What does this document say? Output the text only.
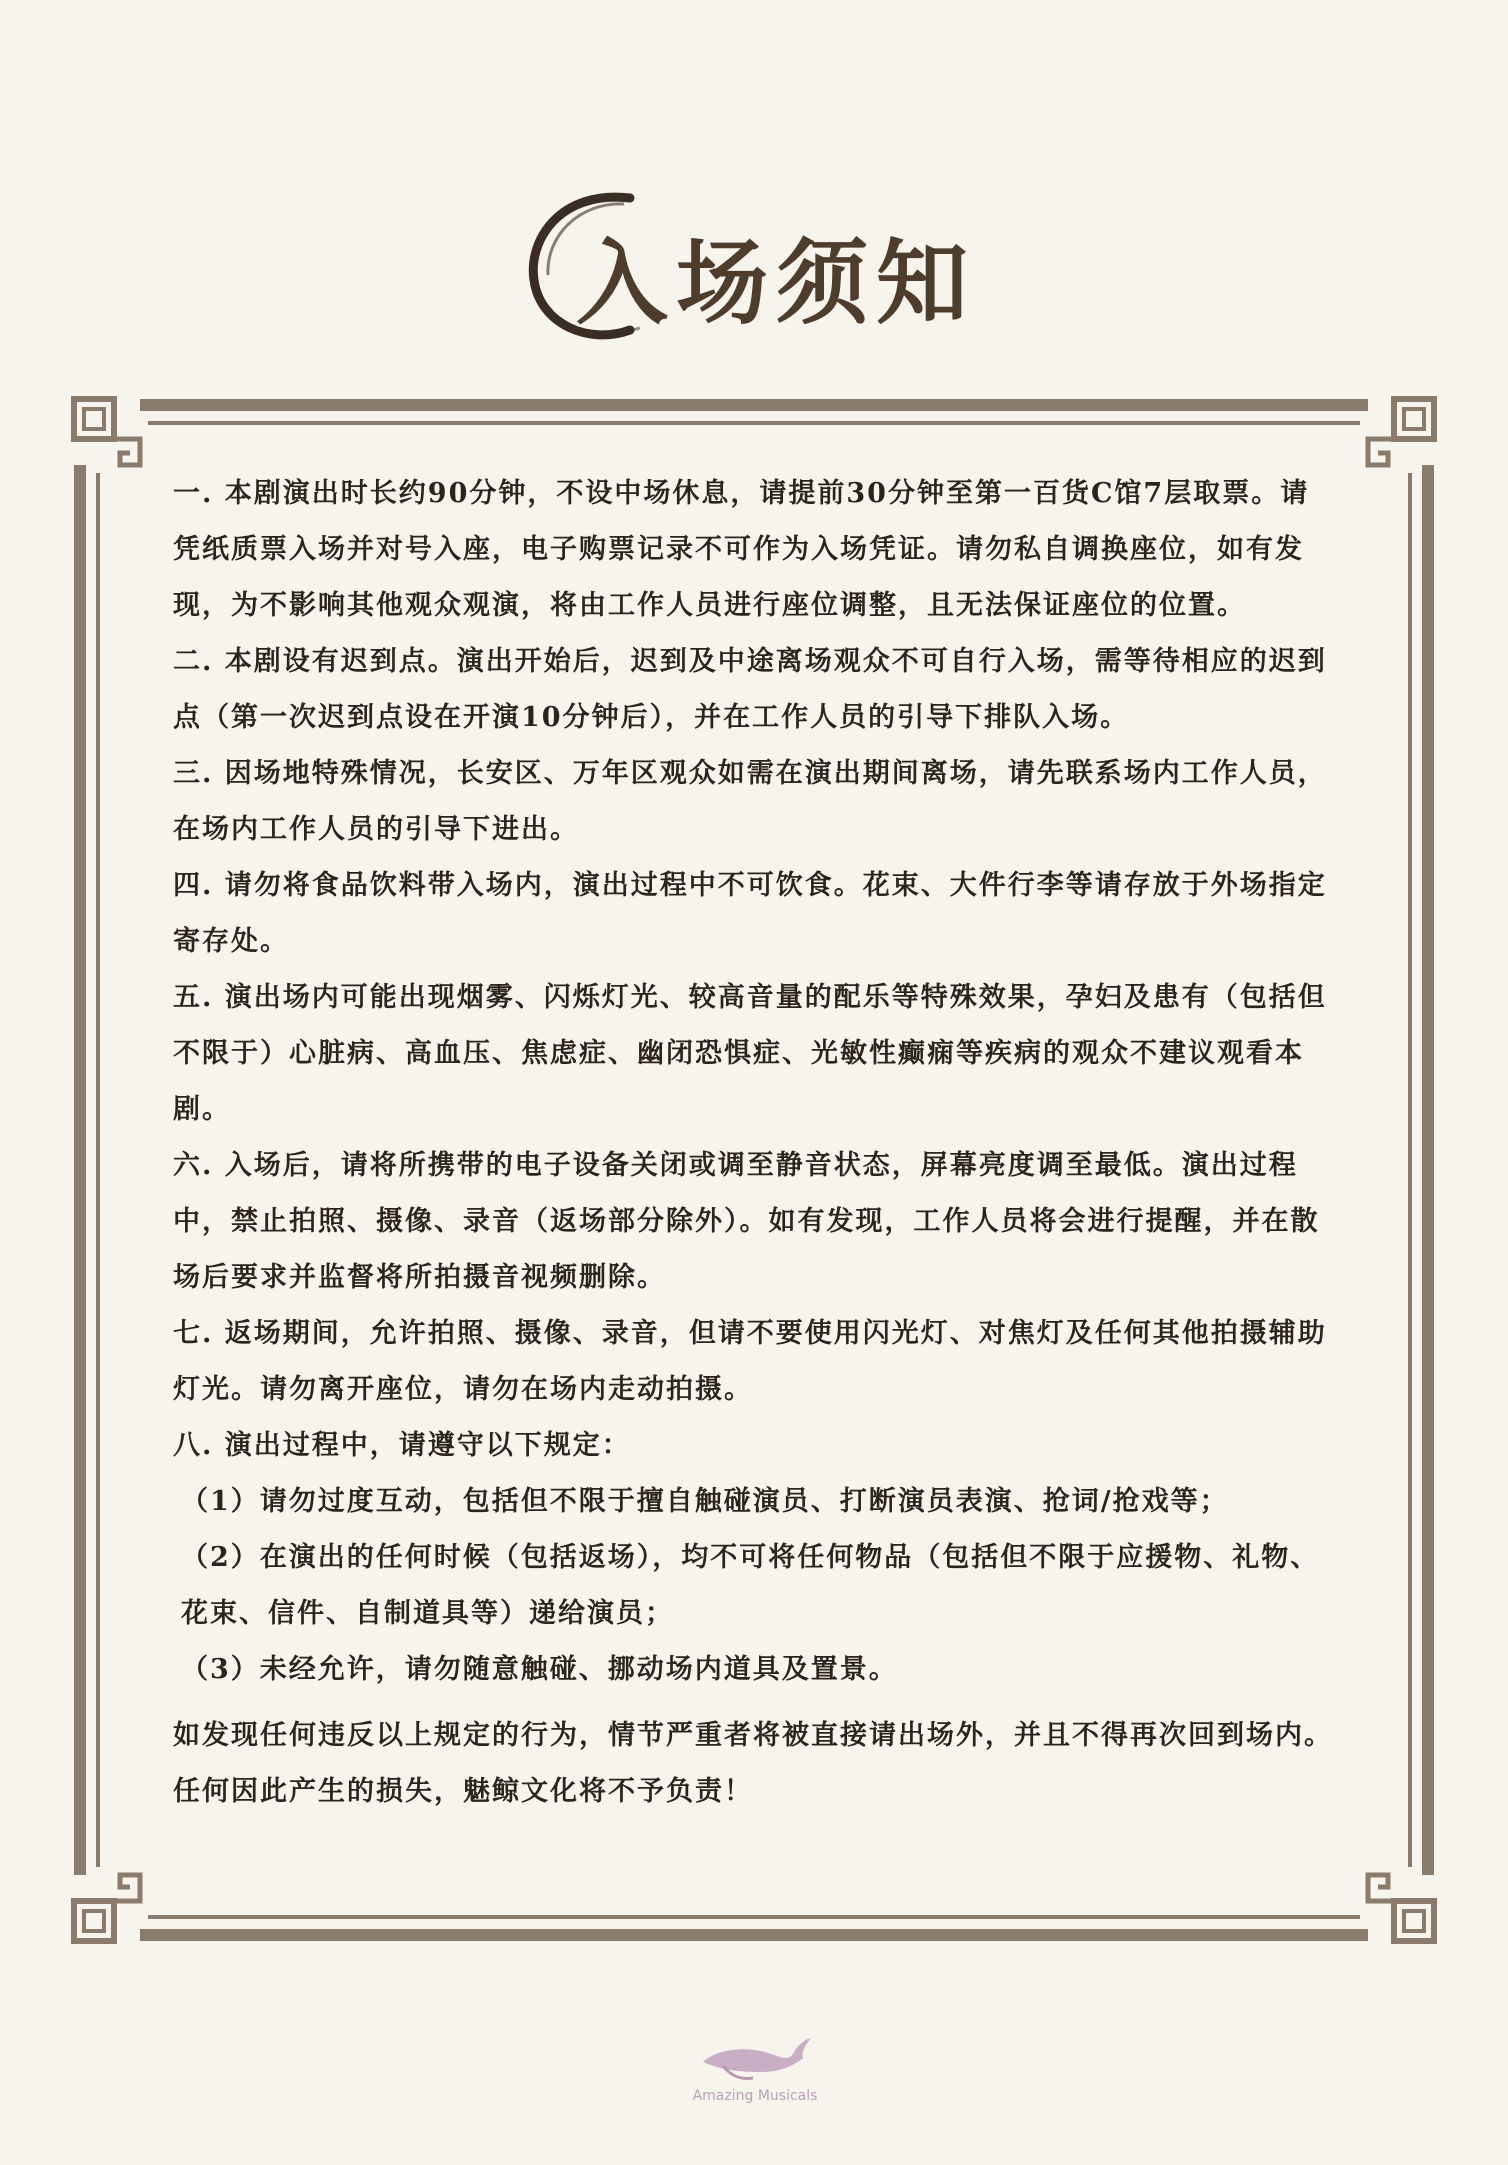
入场须知

一. 本剧演出时长约90分钟，不设中场休息，请提前30分钟至第一百货C馆7层取票。请凭纸质票入场并对号入座，电子购票记录不可作为入场凭证。请勿私自调换座位，如有发现，为不影响其他观众观演，将由工作人员进行座位调整，且无法保证座位的位置。

二. 本剧设有迟到点。演出开始后，迟到及中途离场观众不可自行入场，需等待相应的迟到点（第一次迟到点设在开演10分钟后），并在工作人员的引导下排队入场。

三. 因场地特殊情况，长安区、万年区观众如需在演出期间离场，请先联系场内工作人员，在场内工作人员的引导下进出。

四. 请勿将食品饮料带入场内，演出过程中不可饮食。花束、大件行李等请存放于外场指定寄存处。

五. 演出场内可能出现烟雾、闪烁灯光、较高音量的配乐等特殊效果，孕妇及患有（包括但不限于）心脏病、高血压、焦虑症、幽闭恐惧症、光敏性癫痫等疾病的观众不建议观看本剧。

六. 入场后，请将所携带的电子设备关闭或调至静音状态，屏幕亮度调至最低。演出过程中，禁止拍照、摄像、录音（返场部分除外）。如有发现，工作人员将会进行提醒，并在散场后要求并监督将所拍摄音视频删除。

七. 返场期间，允许拍照、摄像、录音，但请不要使用闪光灯、对焦灯及任何其他拍摄辅助灯光。请勿离开座位，请勿在场内走动拍摄。

八. 演出过程中，请遵守以下规定：

（1）请勿过度互动，包括但不限于擅自触碰演员、打断演员表演、抢词/抢戏等；

（2）在演出的任何时候（包括返场），均不可将任何物品（包括但不限于应援物、礼物、花束、信件、自制道具等）递给演员；

（3）未经允许，请勿随意触碰、挪动场内道具及置景。

如发现任何违反以上规定的行为，情节严重者将被直接请出场外，并且不得再次回到场内。任何因此产生的损失，魅鲸文化将不予负责！

Amazing Musicals
